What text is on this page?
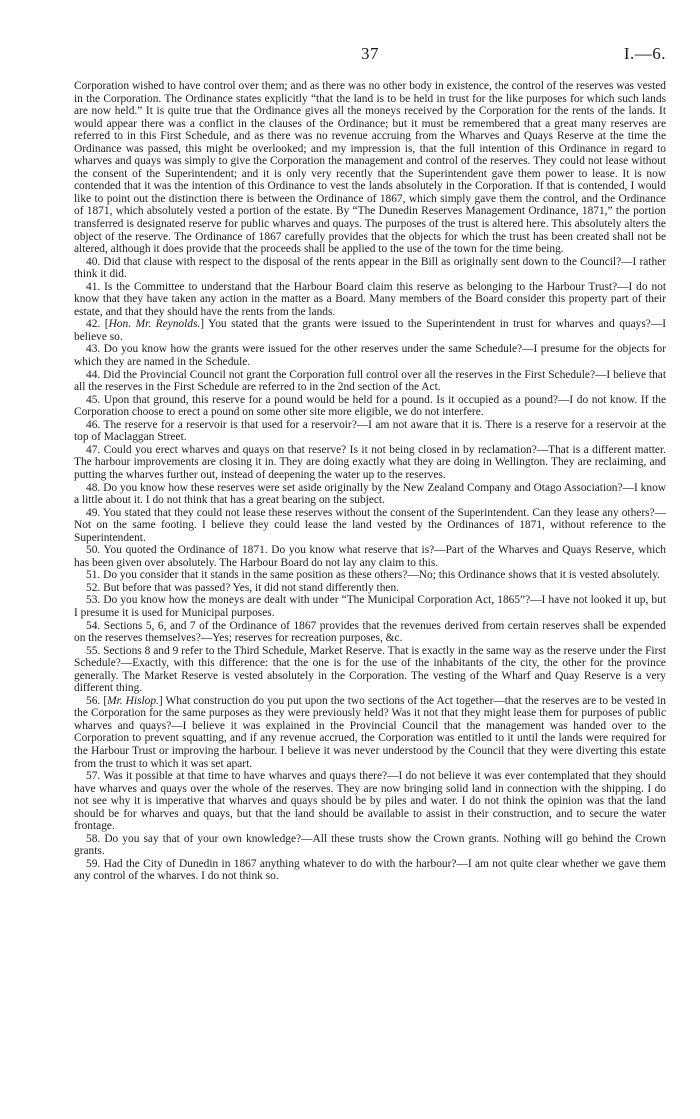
37	I.—6.

Corporation wished to have control over them; and as there was no other body in existence, the control of the reserves was vested in the Corporation. The Ordinance states explicitly “that the land is to be held in trust for the like purposes for which such lands are now held.” It is quite true that the Ordinance gives all the moneys received by the Corporation for the rents of the lands. It would appear there was a conflict in the clauses of the Ordinance; but it must be remembered that a great many reserves are referred to in this First Schedule, and as there was no revenue accruing from the Wharves and Quays Reserve at the time the Ordinance was passed, this might be overlooked; and my impression is, that the full intention of this Ordinance in regard to wharves and quays was simply to give the Corporation the management and control of the reserves. They could not lease without the consent of the Superintendent; and it is only very recently that the Superintendent gave them power to lease. It is now contended that it was the intention of this Ordinance to vest the lands absolutely in the Corporation. If that is contended, I would like to point out the distinction there is between the Ordinance of 1867, which simply gave them the control, and the Ordinance of 1871, which absolutely vested a portion of the estate. By “The Dunedin Reserves Management Ordinance, 1871,” the portion transferred is designated reserve for public wharves and quays. The purposes of the trust is altered here. This absolutely alters the object of the reserve. The Ordinance of 1867 carefully provides that the objects for which the trust has been created shall not be altered, although it does provide that the proceeds shall be applied to the use of the town for the time being.

40. Did that clause with respect to the disposal of the rents appear in the Bill as originally sent down to the Council?—I rather think it did.

41. Is the Committee to understand that the Harbour Board claim this reserve as belonging to the Harbour Trust?—I do not know that they have taken any action in the matter as a Board. Many members of the Board consider this property part of their estate, and that they should have the rents from the lands.

42. [Hon. Mr. Reynolds.] You stated that the grants were issued to the Superintendent in trust for wharves and quays?—I believe so.

43. Do you know how the grants were issued for the other reserves under the same Schedule?—I presume for the objects for which they are named in the Schedule.

44. Did the Provincial Council not grant the Corporation full control over all the reserves in the First Schedule?—I believe that all the reserves in the First Schedule are referred to in the 2nd section of the Act.

45. Upon that ground, this reserve for a pound would be held for a pound. Is it occupied as a pound?—I do not know. If the Corporation choose to erect a pound on some other site more eligible, we do not interfere.

46. The reserve for a reservoir is that used for a reservoir?—I am not aware that it is. There is a reserve for a reservoir at the top of Maclaggan Street.

47. Could you erect wharves and quays on that reserve? Is it not being closed in by reclamation?—That is a different matter. The harbour improvements are closing it in. They are doing exactly what they are doing in Wellington. They are reclaiming, and putting the wharves further out, instead of deepening the water up to the reserves.

48. Do you know how these reserves were set aside originally by the New Zealand Company and Otago Association?—I know a little about it. I do not think that has a great bearing on the subject.

49. You stated that they could not lease these reserves without the consent of the Superintendent. Can they lease any others?—Not on the same footing. I believe they could lease the land vested by the Ordinances of 1871, without reference to the Superintendent.

50. You quoted the Ordinance of 1871. Do you know what reserve that is?—Part of the Wharves and Quays Reserve, which has been given over absolutely. The Harbour Board do not lay any claim to this.

51. Do you consider that it stands in the same position as these others?—No; this Ordinance shows that it is vested absolutely.

52. But before that was passed? Yes, it did not stand differently then.

53. Do you know how the moneys are dealt with under “The Municipal Corporation Act, 1865”?—I have not looked it up, but I presume it is used for Municipal purposes.

54. Sections 5, 6, and 7 of the Ordinance of 1867 provides that the revenues derived from certain reserves shall be expended on the reserves themselves?—Yes; reserves for recreation purposes, &c.

55. Sections 8 and 9 refer to the Third Schedule, Market Reserve. That is exactly in the same way as the reserve under the First Schedule?—Exactly, with this difference: that the one is for the use of the inhabitants of the city, the other for the province generally. The Market Reserve is vested absolutely in the Corporation. The vesting of the Wharf and Quay Reserve is a very different thing.

56. [Mr. Hislop.] What construction do you put upon the two sections of the Act together—that the reserves are to be vested in the Corporation for the same purposes as they were previously held? Was it not that they might lease them for purposes of public wharves and quays?—I believe it was explained in the Provincial Council that the management was handed over to the Corporation to prevent squatting, and if any revenue accrued, the Corporation was entitled to it until the lands were required for the Harbour Trust or improving the harbour. I believe it was never understood by the Council that they were diverting this estate from the trust to which it was set apart.

57. Was it possible at that time to have wharves and quays there?—I do not believe it was ever contemplated that they should have wharves and quays over the whole of the reserves. They are now bringing solid land in connection with the shipping. I do not see why it is imperative that wharves and quays should be by piles and water. I do not think the opinion was that the land should be for wharves and quays, but that the land should be available to assist in their construction, and to secure the water frontage.

58. Do you say that of your own knowledge?—All these trusts show the Crown grants. Nothing will go behind the Crown grants.

59. Had the City of Dunedin in 1867 anything whatever to do with the harbour?—I am not quite clear whether we gave them any control of the wharves. I do not think so.
